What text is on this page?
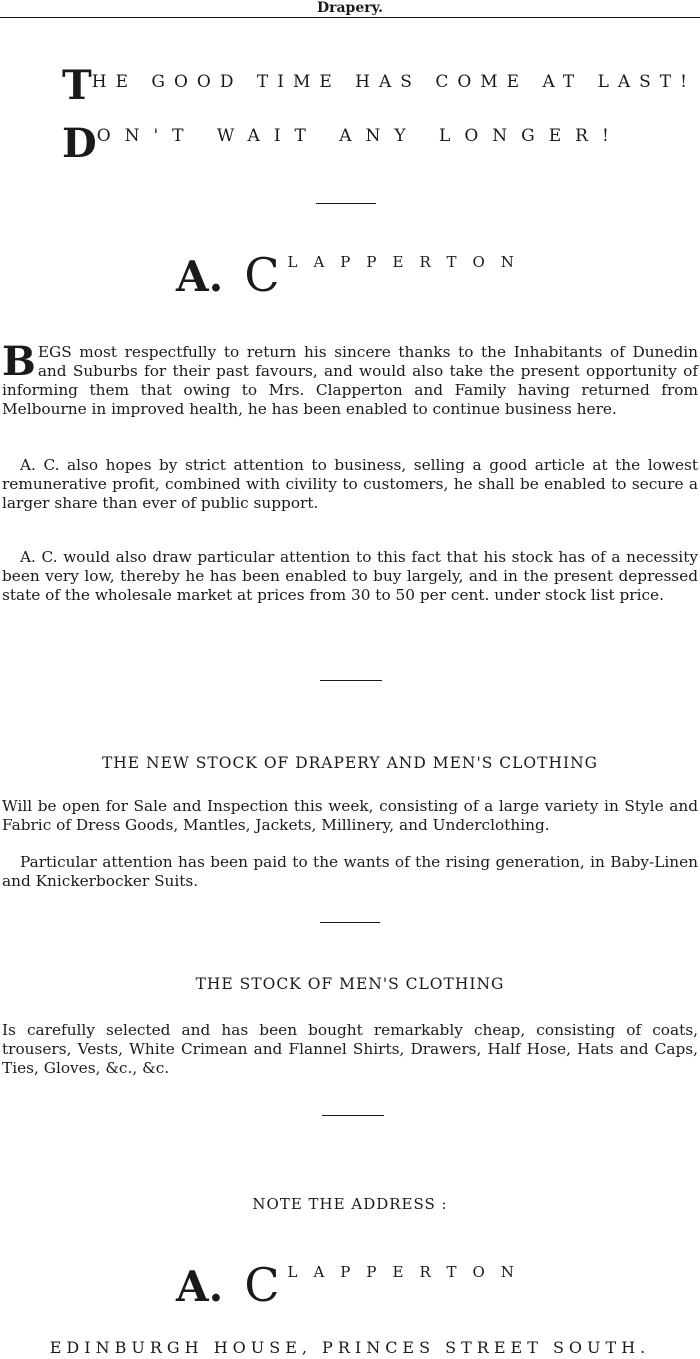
Drapery.
THE GOOD TIME HAS COME AT LAST!
DON'T WAIT ANY LONGER!
A. C LAPPERTON
BEGS most respectfully to return his sincere thanks to the Inhabitants of Dunedin and Suburbs for their past favours, and would also take the present opportunity of informing them that owing to Mrs. Clapperton and Family having returned from Melbourne in improved health, he has been enabled to continue business here.
A. C. also hopes by strict attention to business, selling a good article at the lowest remunerative profit, combined with civility to customers, he shall be enabled to secure a larger share than ever of public support.
A. C. would also draw particular attention to this fact that his stock has of a necessity been very low, thereby he has been enabled to buy largely, and in the present depressed state of the wholesale market at prices from 30 to 50 per cent. under stock list price.
THE NEW STOCK OF DRAPERY AND MEN'S CLOTHING
Will be open for Sale and Inspection this week, consisting of a large variety in Style and Fabric of Dress Goods, Mantles, Jackets, Millinery, and Underclothing.
Particular attention has been paid to the wants of the rising generation, in Baby-Linen and Knickerbocker Suits.
THE STOCK OF MEN'S CLOTHING
Is carefully selected and has been bought remarkably cheap, consisting of coats, trousers, Vests, White Crimean and Flannel Shirts, Drawers, Half Hose, Hats and Caps, Ties, Gloves, &c., &c.
NOTE THE ADDRESS :
A. C LAPPERTON
EDINBURGH HOUSE, PRINCES STREET SOUTH.
